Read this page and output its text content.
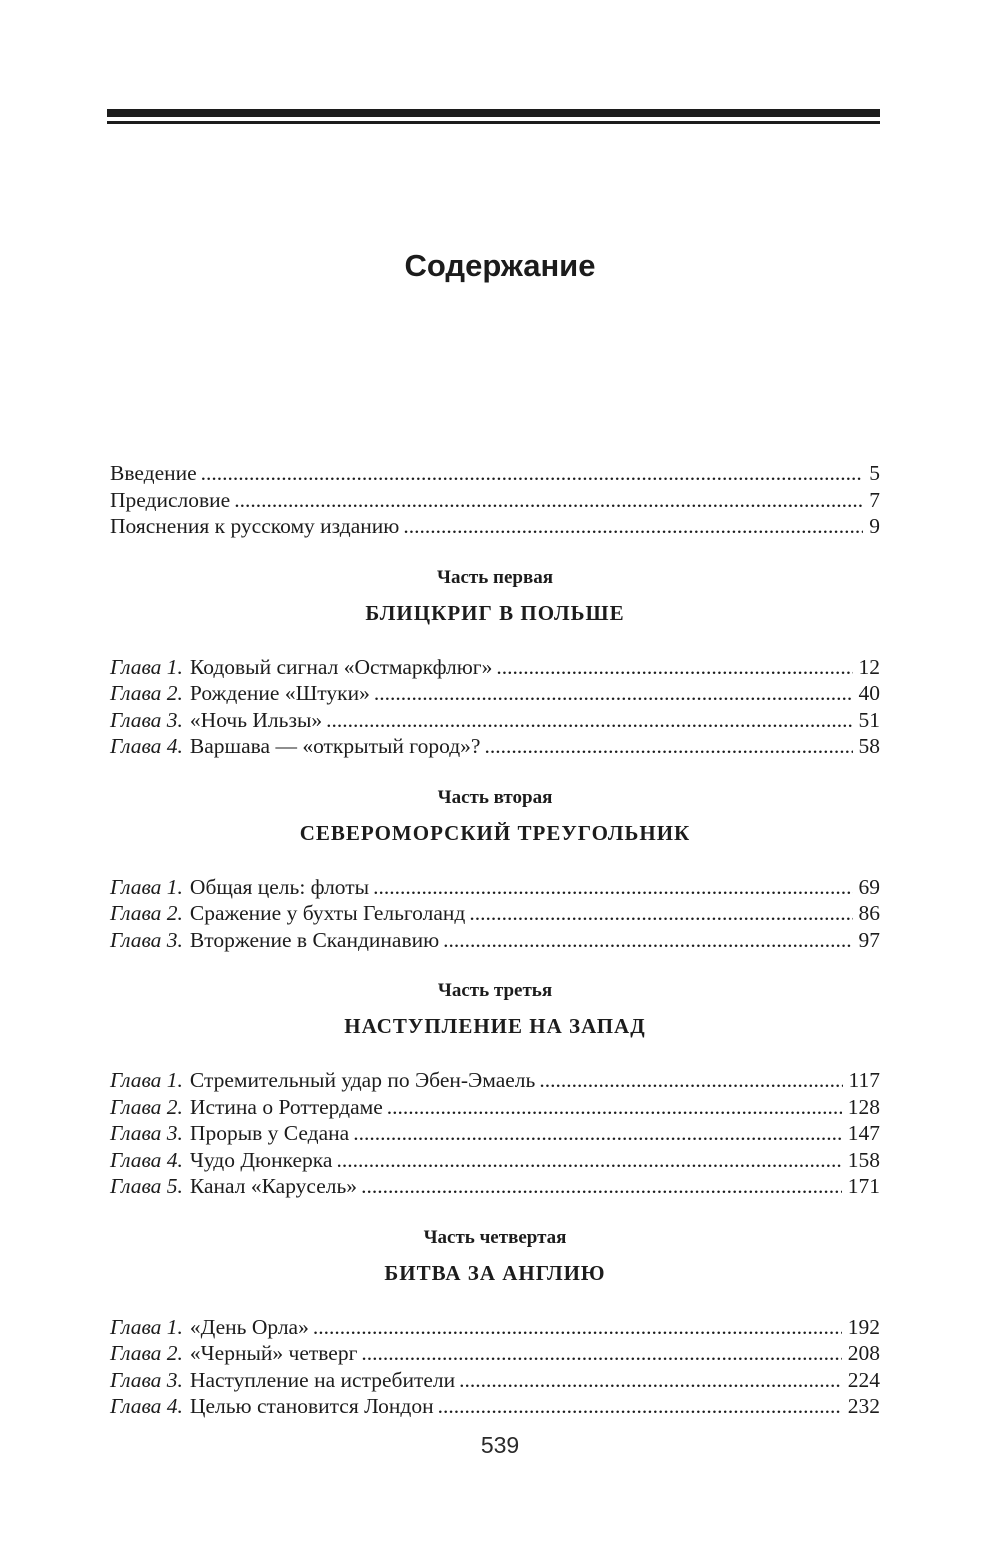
Содержание
Введение .....	5
Предисловие .....	7
Пояснения к русскому изданию .....	9
Часть первая
БЛИЦКРИГ В ПОЛЬШЕ
Глава 1. Кодовый сигнал «Остмаркфлюг» .....	12
Глава 2. Рождение «Штуки» .....	40
Глава 3. «Ночь Ильзы» .....	51
Глава 4. Варшава — «открытый город»? .....	58
Часть вторая
СЕВЕРОМОРСКИЙ ТРЕУГОЛЬНИК
Глава 1. Общая цель: флоты .....	69
Глава 2. Сражение у бухты Гельголанд .....	86
Глава 3. Вторжение в Скандинавию .....	97
Часть третья
НАСТУПЛЕНИЕ НА ЗАПАД
Глава 1. Стремительный удар по Эбен-Эмаель .....	117
Глава 2. Истина о Роттердаме .....	128
Глава 3. Прорыв у Седана .....	147
Глава 4. Чудо Дюнкерка .....	158
Глава 5. Канал «Карусель» .....	171
Часть четвертая
БИТВА ЗА АНГЛИЮ
Глава 1. «День Орла» .....	192
Глава 2. «Черный» четверг .....	208
Глава 3. Наступление на истребители .....	224
Глава 4. Целью становится Лондон .....	232
539
